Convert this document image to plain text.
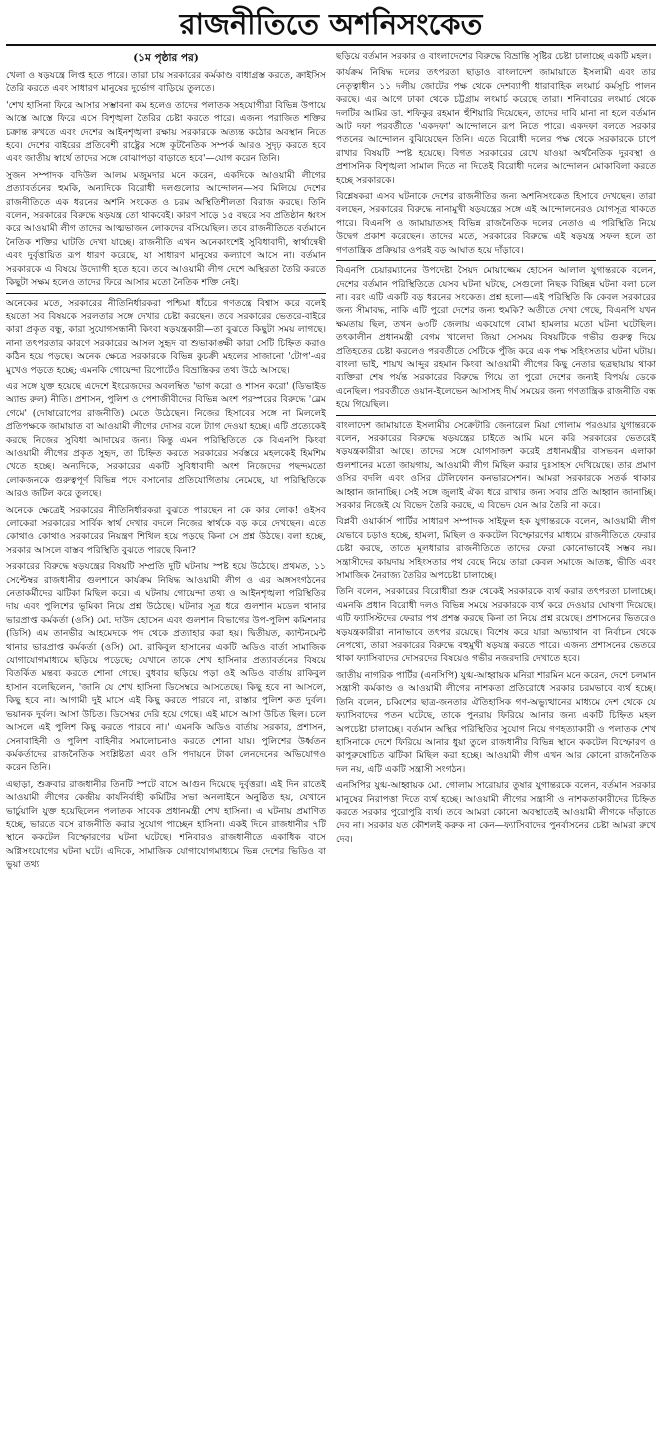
রাজনীতিতে অশনিসংকেত
(১ম পৃষ্ঠার পর)

খেলা ও ষড়যন্ত্রে লিপ্ত হতে পারে। তারা চায় সরকারের কর্মকাণ্ড বাধাগ্রস্ত করতে, ক্রাইসিস তৈরি করতে এবং সাধারণ মানুষের দুর্ভোগ বাড়িয়ে তুলতে।

'শেখ হাসিনা ফিরে আসার সম্ভাবনা কম হলেও তাদের পলাতক সহযোগীরা বিভিন্ন উপায়ে আস্তে আস্তে ফিরে এসে বিশৃঙ্খলা তৈরির চেষ্টা করতে পারে। এজন্য পরাজিত শক্তির চক্রান্ত রুখতে এবং দেশের আইনশৃঙ্খলা রক্ষায় সরকারকে অত্যন্ত কঠোর অবস্থান নিতে হবে। দেশের বাইরের প্রতিবেশী রাষ্ট্রের সঙ্গে কূটনৈতিক সম্পর্ক আরও সুদৃঢ় করতে হবে এবং জাতীয় স্বার্থে তাদের সঙ্গে বোঝাপড়া বাড়াতে হবে'—যোগ করেন তিনি।

সুজন সম্পাদক বদিউল আলম মজুমদার মনে করেন, একদিকে আওয়ামী লীগের প্রত্যাবর্তনের হুমকি, অন্যদিকে বিরোধী দলগুলোর আন্দোলন—সব মিলিয়ে দেশের রাজনীতিতে এক ধরনের অশনি সংকেত ও চরম অস্থিতিশীলতা বিরাজ করছে। তিনি বলেন, সরকারের বিরুদ্ধে ষড়যন্ত্র তো থাকবেই। কারণ সাড়ে ১৫ বছরে সব প্রতিষ্ঠান ধ্বংস করে আওয়ামী লীগ তাদের আত্মভাজন লোকদের বসিয়েছিল। তবে রাজনীতিতে বর্তমানে নৈতিক শক্তির ঘাটতি দেখা যাচ্ছে। রাজনীতি এখন অনেকাংশেই সুবিধাবাদী, স্বার্থান্বেষী এবং দুর্বৃত্তায়িত রূপ ধারণ করেছে, যা সাধারণ মানুষের কল্যাণে আসে না। বর্তমান সরকারকে এ বিষয়ে উদ্যোগী হতে হবে। তবে আওয়ামী লীগ দেশে অস্থিরতা তৈরি করতে কিছুটা সক্ষম হলেও তাদের ফিরে আসার মতো নৈতিক শক্তি নেই।

অনেকের মতে, সরকারের নীতিনির্ধারকরা পশ্চিমা ধাঁচের গণতন্ত্রে বিশ্বাস করে বলেই হয়তো সব বিষয়কে সরলতার সঙ্গে দেখার চেষ্টা করছেন। তবে সরকারের ভেতরে-বাইরে কারা প্রকৃত বন্ধু, কারা সুযোগসন্ধানী কিংবা ষড়যন্ত্রকারী—তা বুঝতে কিছুটা সময় লাগছে। নানা তৎপরতার কারণে সরকারের আসল সুহৃদ বা শুভাকাঙ্ক্ষী কারা সেটি চিহ্নিত করাও কঠিন হয়ে পড়ছে। অনেক ক্ষেত্রে সরকারকে বিভিন্ন কুচক্রী মহলের সাজানো 'টোপ'-এর মুখেও পড়তে হচ্ছে; এমনকি গোয়েন্দা রিপোর্টেও বিভ্রান্তিকর তথ্য উঠে আসছে।

এর সঙ্গে যুক্ত হয়েছে এদেশে ইংরেজদের অবলম্বিত 'ভাগ করো ও শাসন করো' (ডিভাইড অ্যান্ড রুল) নীতি। প্রশাসন, পুলিশ ও পেশাজীবীদের বিভিন্ন অংশ পরস্পরের বিরুদ্ধে 'ব্লেম গেমে' (দোষারোপের রাজনীতি) মেতে উঠেছেন। নিজের হিসাবের সঙ্গে না মিললেই প্রতিপক্ষকে জামায়াত বা আওয়ামী লীগের দোসর বলে ট্যাগ দেওয়া হচ্ছে। এটি প্রত্যেকেই করছে নিজের সুবিধা আদায়ের জন্য। কিন্তু এমন পরিস্থিতিতে কে বিএনপি কিংবা আওয়ামী লীগের প্রকৃত সুহৃদ, তা চিহ্নিত করতে সরকারের সর্বস্তরে মহলকেই হিমশিম খেতে হচ্ছে। অন্যদিকে, সরকারের একটি সুবিধাবাদী অংশ নিজেদের পছন্দমতো লোকজনকে গুরুত্বপূর্ণ বিভিন্ন পদে বসানোর প্রতিযোগিতায় নেমেছে, যা পরিস্থিতিকে আরও জটিল করে তুলছে।

অনেকে ক্ষেত্রেই সরকারের নীতিনির্ধারকরা বুঝতে পারছেন না কে কার লোক! ওইসব লোকেরা সরকারের সার্বিক স্বার্থ দেখার বদলে নিজের স্বার্থকে বড় করে দেখছেন। এতে কোথাও কোথাও সরকারের নিয়ন্ত্রণ শিথিল হয়ে পড়ছে কিনা সে প্রশ্ন উঠছে। বলা হচ্ছে, সরকার আসলে বাস্তব পরিস্থিতি বুঝতে পারছে কিনা?

সরকারের বিরুদ্ধে ষড়যন্ত্রের বিষয়টি সম্প্রতি দুটি ঘটনায় স্পষ্ট হয়ে উঠেছে। প্রথমত, ১১ সেপ্টেম্বর রাজধানীর গুলশানে কার্যক্রম নিষিদ্ধ আওয়ামী লীগ ও এর অঙ্গসংগঠনের নেতাকর্মীদের ঝটিকা মিছিল করে। এ ঘটনায় গোয়েন্দা তথ্য ও আইনশৃঙ্খলা পরিস্থিতির দায় এবং পুলিশের ভূমিকা নিয়ে প্রশ্ন উঠেছে। ঘটনার সূত্র ধরে গুলশান মডেল থানার ভারপ্রাপ্ত কর্মকর্তা (ওসি) মো. দাউদ হোসেন এবং গুলশান বিভাগের উপ-পুলিশ কমিশনার (ডিসি) এম তানভীর আহমেদকে পদ থেকে প্রত্যাহার করা হয়। দ্বিতীয়ত, ক্যান্টনমেন্ট থানার ভারপ্রাপ্ত কর্মকর্তা (ওসি) মো. রাকিবুল হাসানের একটি অডিও বার্তা সামাজিক যোগাযোগমাধ্যমে ছড়িয়ে পড়েছে; যেখানে তাকে শেখ হাসিনার প্রত্যাবর্তনের বিষয়ে বিতর্কিত মন্তব্য করতে শোনা গেছে। বুধবার ছড়িয়ে পড়া ওই অডিও বার্তায় রাকিবুল হাসান বলেছিলেন, 'জানি যে শেখ হাসিনা ডিসেম্বরে আসতেছে। কিছু হবে না আসলে, কিছু হবে না। আগামী দুই মাসে এই কিছু করতে পারবে না, রাস্তার পুলিশ কত দুর্বল। ভয়ানক দুর্বল। আসা উচিত। ডিসেম্বর দেরি হয়ে গেছে। এই মাসে আসা উচিত ছিল। চলে আসলে এই পুলিশ কিছু করতে পারবে না।' এমনকি অডিও বার্তায় সরকার, প্রশাসন, সেনাবাহিনী ও পুলিশ বাহিনীর সমালোচনাও করতে শোনা যায়। পুলিশের উর্ধ্বতন কর্মকর্তাদের রাজনৈতিক সংশ্লিষ্টতা এবং ওসি পদায়নে টাকা লেনদেনের অভিযোগও করেন তিনি।

এছাড়া, শুক্রবার রাজধানীর তিনটি স্পটে বাসে আগুন দিয়েছে দুর্বৃত্তরা। এই দিন রাতেই আওয়ামী লীগের কেন্দ্রীয় কার্যনির্বাহী কমিটির সভা অনলাইনে অনুষ্ঠিত হয়, যেখানে ভার্চুয়ালি যুক্ত হয়েছিলেন পলাতক সাবেক প্রধানমন্ত্রী শেখ হাসিনা। এ ঘটনায় প্রমাণিত হচ্ছে, ভারতে বসে রাজনীতি করার সুযোগ পাচ্ছেন হাসিনা। একই দিনে রাজধানীর ৭টি স্থানে ককটেল বিস্ফোরণের ঘটনা ঘটেছে। শনিবারও রাজধানীতে একাধিক বাসে অগ্নিসংযোগের ঘটনা ঘটে। এদিকে, সামাজিক যোগাযোগমাধ্যমে ভিন্ন দেশের ভিডিও বা ভুয়া তথ্য

ছড়িয়ে বর্তমান সরকার ও বাংলাদেশের বিরুদ্ধে বিভ্রান্তি সৃষ্টির চেষ্টা চালাচ্ছে একটি মহল।

কার্যক্রম নিষিদ্ধ দলের তৎপরতা ছাড়াও বাংলাদেশ জামায়াতে ইসলামী এবং তার নেতৃত্বাধীন ১১ দলীয় জোটের পক্ষ থেকে দেশব্যাপী ধারাবাহিক লংমার্চ কর্মসূচি পালন করছে। এর আগে ঢাকা থেকে চট্টগ্রাম লংমার্চ করেছে তারা। শনিবারের লংমার্চ থেকে দলটির আমির ডা. শফিকুর রহমান হুঁশিয়ারি দিয়েছেন, তাদের দাবি মানা না হলে বর্তমান আট দফা পরবর্তীতে 'একদফা' আন্দোলনে রূপ নিতে পারে। একদফা বলতে সরকার পতনের আন্দোলন বুঝিয়েছেন তিনি। এতে বিরোধী দলের পক্ষ থেকে সরকারকে চাপে রাখার বিষয়টি স্পষ্ট হয়েছে। বিগত সরকারের রেখে যাওয়া অর্থনৈতিক দুরবস্থা ও প্রশাসনিক বিশৃঙ্খলা সামাল দিতে না দিতেই বিরোধী দলের আন্দোলন মোকাবিলা করতে হচ্ছে সরকারকে।

বিশ্লেষকরা এসব ঘটনাকে দেশের রাজনীতির জন্য অশনিসংকেত হিসাবে দেখছেন। তারা বলছেন, সরকারের বিরুদ্ধে নানামুখী ষড়যন্ত্রের সঙ্গে এই আন্দোলনেরও যোগসূত্র থাকতে পারে। বিএনপি ও জামায়াতসহ বিভিন্ন রাজনৈতিক দলের নেতাও এ পরিস্থিতি নিয়ে উদ্বেগ প্রকাশ করেছেন। তাদের মতে, সরকারের বিরুদ্ধে এই ষড়যন্ত্র সফল হলে তা গণতান্ত্রিক প্রক্রিয়ার ওপরই বড় আঘাত হয়ে দাঁড়াবে।

বিএনপি চেয়ারম্যানের উপদেষ্টা সৈয়দ মোয়াজ্জেম হোসেন আলাল যুগান্তরকে বলেন, দেশের বর্তমান পরিস্থিতিতে যেসব ঘটনা ঘটছে, সেগুলো নিছক বিচ্ছিন্ন ঘটনা বলা চলে না। বরং এটি একটি বড় ধরনের সংকেত। প্রশ্ন হলো—এই পরিস্থিতি কি কেবল সরকারের জন্য সীমাবদ্ধ, নাকি এটি পুরো দেশের জন্য হুমকি? অতীতে দেখা গেছে, বিএনপি যখন ক্ষমতায় ছিল, তখন ৬৩টি জেলায় একযোগে বোমা হামলার মতো ঘটনা ঘটেছিল। তৎকালীন প্রধানমন্ত্রী বেগম খালেদা জিয়া সেসময় বিষয়টিকে গভীর গুরুত্ব দিয়ে প্রতিহতের চেষ্টা করলেও পরবর্তীতে সেটিকে পুঁজি করে এক পক্ষ সহিংসতার ঘটনা ঘটায়। বাংলা ভাই, শায়খ আব্দুর রহমান কিংবা আওয়ামী লীগের কিছু নেতার ছত্রছায়ায় থাকা ব্যক্তিরা শেষ পর্যন্ত সরকারের বিরুদ্ধে গিয়ে তা পুরো দেশের জন্যই বিপর্যয় ডেকে এনেছিল। পরবর্তীতে ওয়ান-ইলেভেন আসাসহ দীর্ঘ সময়ের জন্য গণতান্ত্রিক রাজনীতি বন্ধ হয়ে গিয়েছিল।

বাংলাদেশ জামায়াতে ইসলামীর সেক্রেটারি জেনারেল মিয়া গোলাম পরওয়ার যুগান্তরকে বলেন, সরকারের বিরুদ্ধে ষড়যন্ত্রের চাইতে আমি মনে করি সরকারের ভেতরেই ষড়যন্ত্রকারীরা আছে। তাদের সঙ্গে যোগসাজশ করেই প্রধানমন্ত্রীর বাসভবন এলাকা গুলশানের মতো জায়গায়, আওয়ামী লীগ মিছিল করার দুঃসাহস দেখিয়েছে। তার প্রমাণ ওসির বদলি এবং ওসির টেলিফোন কনভারসেশন। আমরা সরকারকে সতর্ক থাকার আহ্বান জানাচ্ছি। সেই সঙ্গে জুলাই ঐক্য ধরে রাখার জন্য সবার প্রতি আহ্বান জানাচ্ছি। সরকার নিজেই যে বিভেদ তৈরি করছে, এ বিভেদ যেন আর তৈরি না করে।

বিপ্লবী ওয়ার্কার্স পার্টির সাধারণ সম্পাদক সাইফুল হক যুগান্তরকে বলেন, আওয়ামী লীগ যেভাবে চড়াও হচ্ছে, হামলা, মিছিল ও ককটেল বিস্ফোরণের মাধ্যমে রাজনীতিতে ফেরার চেষ্টা করছে, তাতে মূলধারার রাজনীতিতে তাদের ফেরা কোনোভাবেই সম্ভব নয়। সন্ত্রাসীদের কায়দায় সহিংসতার পথ বেছে নিয়ে তারা কেবল সমাজে আতঙ্ক, ভীতি এবং সামাজিক নৈরাজ্য তৈরির অপচেষ্টা চালাচ্ছে।

তিনি বলেন, সরকারের বিরোধীরা শুরু থেকেই সরকারকে ব্যর্থ করার তৎপরতা চালাচ্ছে। এমনকি প্রধান বিরোধী দলও বিভিন্ন সময়ে সরকারকে ব্যর্থ করে দেওয়ার ঘোষণা দিয়েছে। এটি ফ্যাসিস্টদের ফেরার পথ প্রশস্ত করছে কিনা তা নিয়ে প্রশ্ন রয়েছে। প্রশাসনের ভিতরেও ষড়যন্ত্রকারীরা নানাভাবে তৎপর রয়েছে। বিশেষ করে যারা অভ্যাথান বা নির্বাচন থেকে নেপথ্যে, তারা সরকারের বিরুদ্ধে বহুমুখী ষড়যন্ত্র করতে পারে। এজন্য প্রশাসনের ভেতরে থাকা ফ্যাসিবাদের দোসরদের বিষয়েও গভীর নজরদারি দেখাতে হবে।

জাতীয় নাগরিক পার্টির (এনসিপি) যুগ্ম-আহ্বায়ক মনিরা শারমিন মনে করেন, দেশে চলমান সন্ত্রাসী কর্মকাণ্ড ও আওয়ামী লীগের নাশকতা প্রতিরোধে সরকার চরমভাবে ব্যর্থ হচ্ছে। তিনি বলেন, চব্বিশের ছাত্র-জনতার ঐতিহাসিক গণ-অভ্যুত্থানের মাধ্যমে দেশ থেকে যে ফ্যাসিবাদের পতন ঘটেছে, তাকে পুনরায় ফিরিয়ে আনার জন্য একটি চিহ্নিত মহল অপচেষ্টা চালাচ্ছে। বর্তমান অস্থির পরিস্থিতির সুযোগ নিয়ে গণহত্যাকারী ও পলাতক শেখ হাসিনাকে দেশে ফিরিয়ে আনার ধুয়া তুলে রাজধানীর বিভিন্ন স্থানে ককটেল বিস্ফোরণ ও কাপুরুষোচিত ঝটিকা মিছিল করা হচ্ছে। আওয়ামী লীগ এখন আর কোনো রাজনৈতিক দল নয়, এটি একটি সন্ত্রাসী সংগঠন।

এনসিপির যুগ্ম-আহ্বায়ক মো. গোলাম সারোয়ার তুষার যুগান্তরকে বলেন, বর্তমান সরকার মানুষের নিরাপত্তা দিতে ব্যর্থ হচ্ছে। আওয়ামী লীগের সন্ত্রাসী ও নাশকতাকারীদের চিহ্নিত করতে সরকার পুরোপুরি ব্যর্থ। তবে আমরা কোনো অবস্থাতেই আওয়ামী লীগকে দাঁড়াতে দেব না। সরকার যত কৌশলই করুক না কেন—ফ্যাসিবাদের পুনর্বাসনের চেষ্টা আমরা রুখে দেব।
